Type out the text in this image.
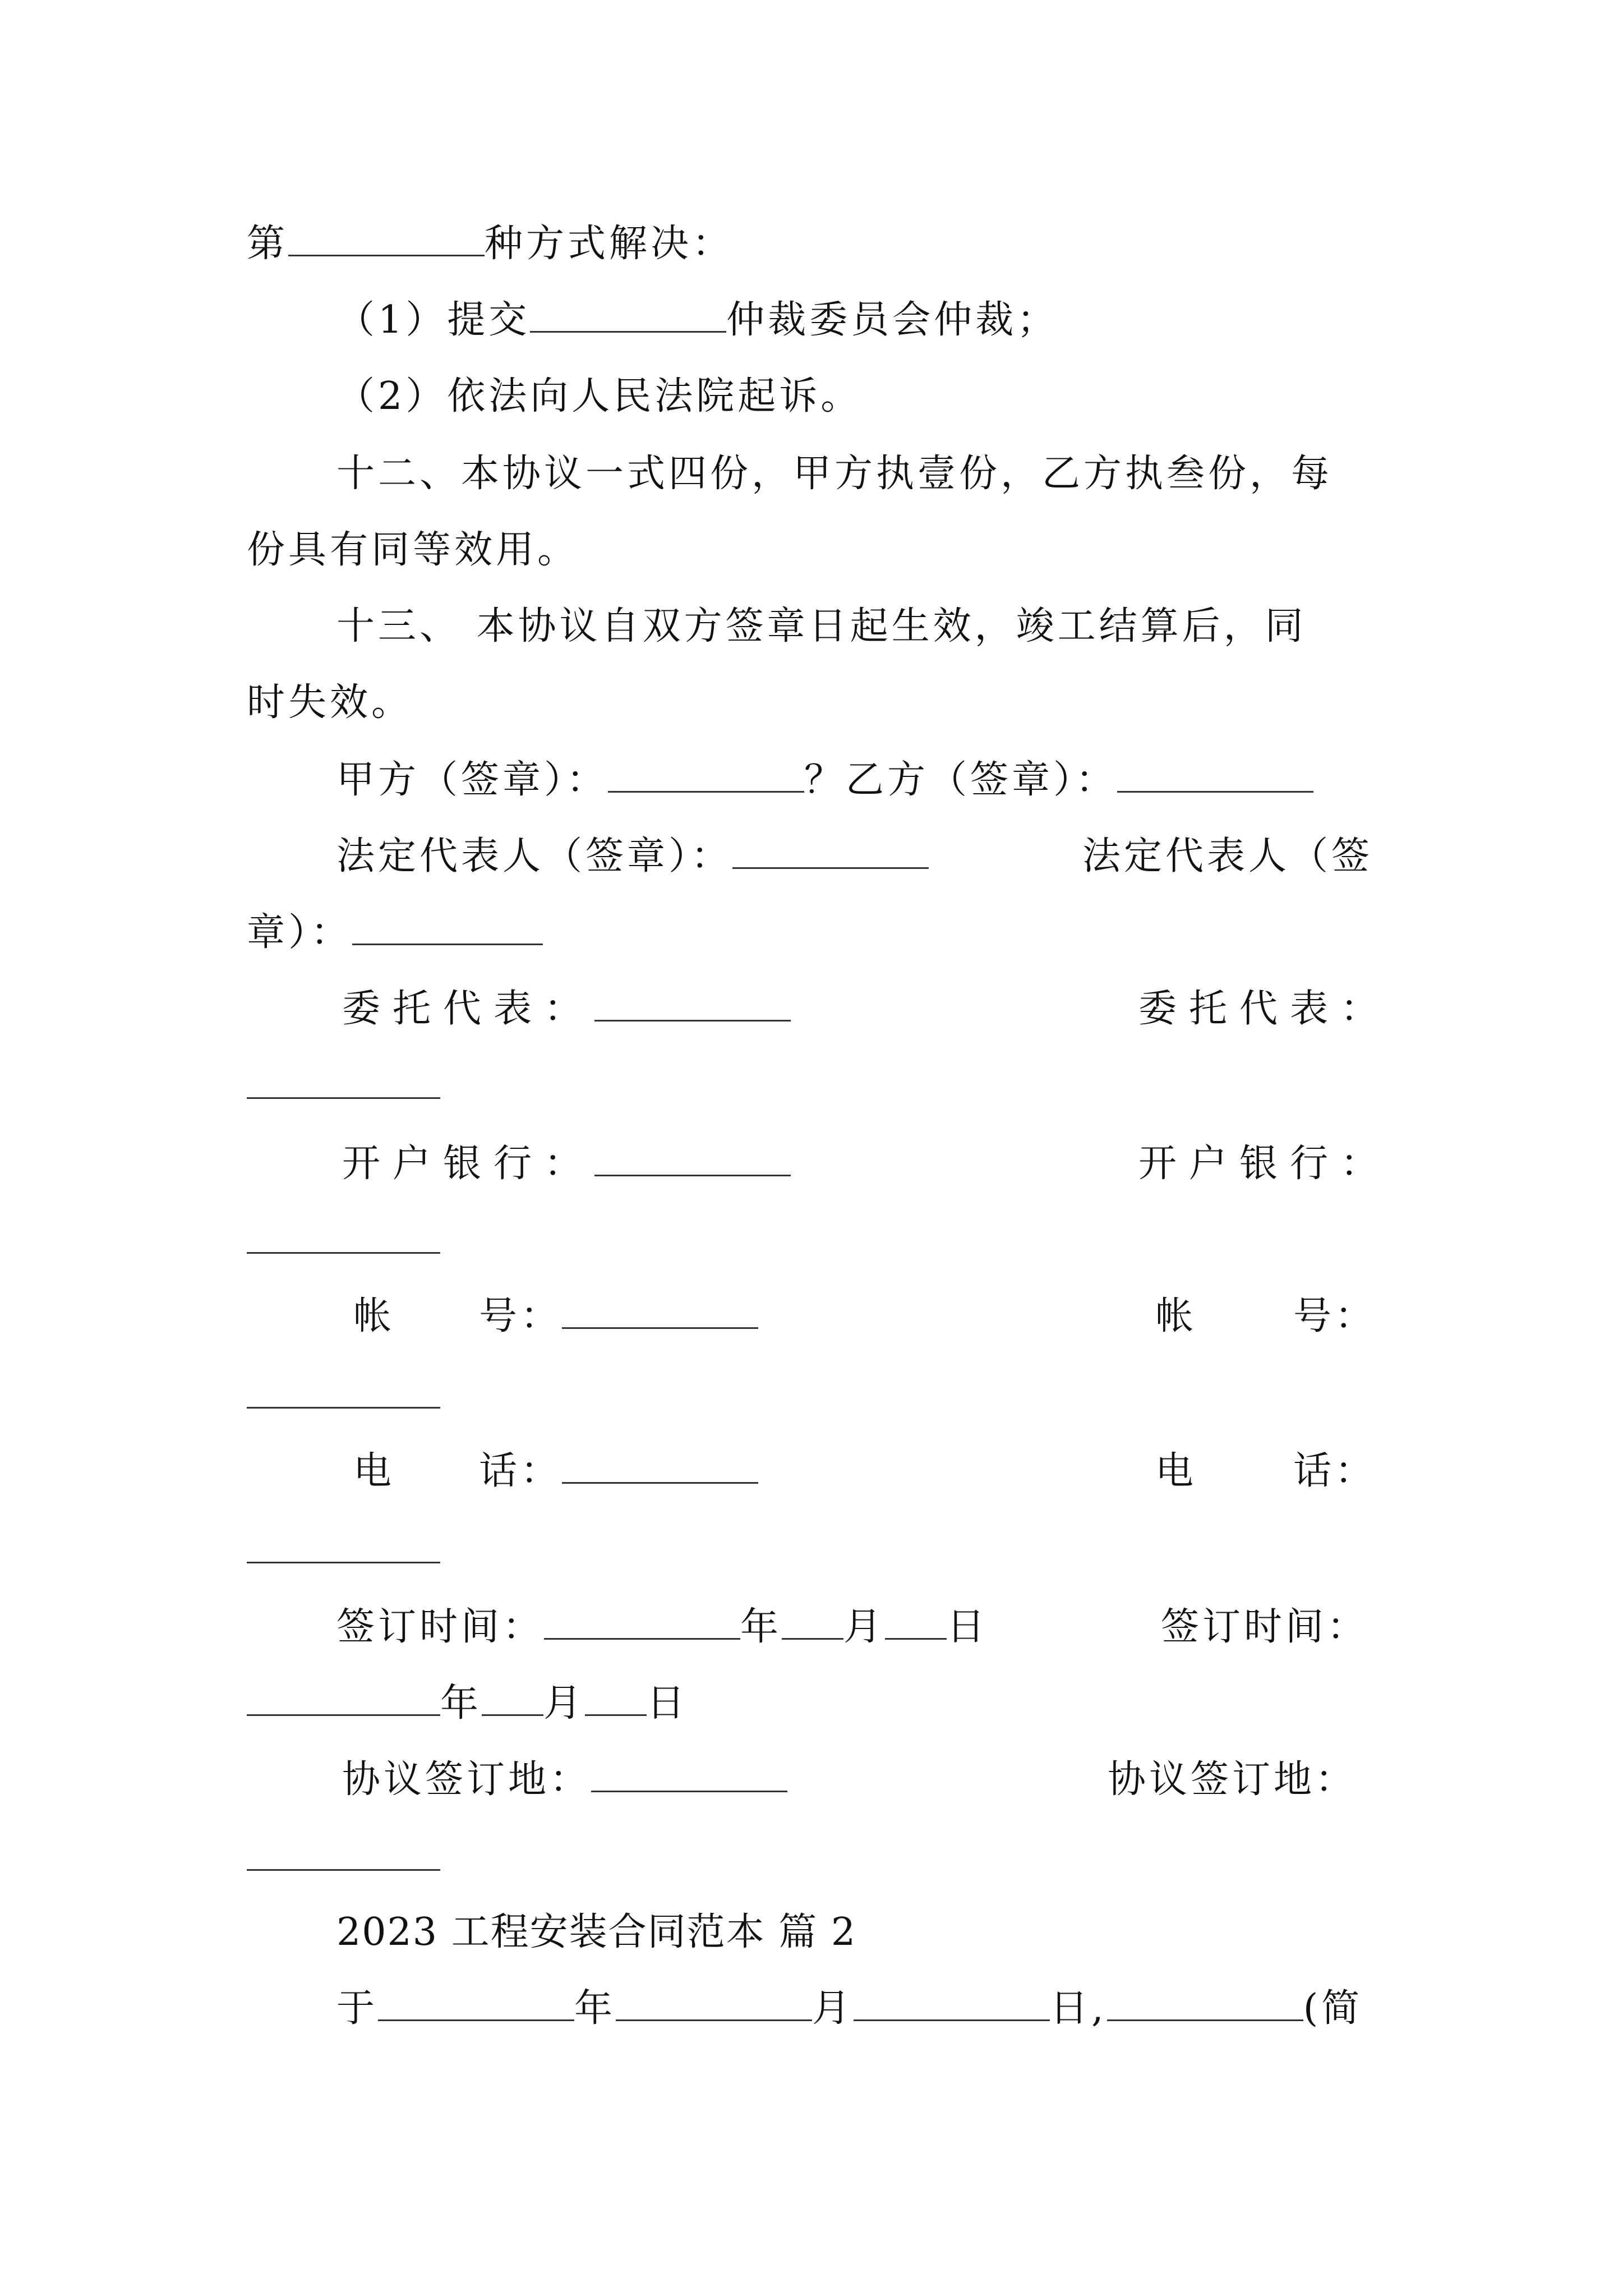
第	种方式解决：
（1）提交	仲裁委员会仲裁；
（2）依法向人民法院起诉。
十二、本协议一式四份，甲方执壹份，乙方执叁份，每
份具有同等效用。
十三、 本协议自双方签章日起生效，竣工结算后，同
时失效。
甲方（签章）：	？乙方（签章）：
法定代表人（签章）：	法定代表人（签
章）：
委托代表：	委托代表：
开户银行：	开户银行：
帐 号：	帐	号：
电 话：	电	话：
签订时间：	年 月 日	签订时间：
年 月 日
协议签订地：	协议签订地：
2023 工程安装合同范本 篇 2
于	年	月	日,	(简
